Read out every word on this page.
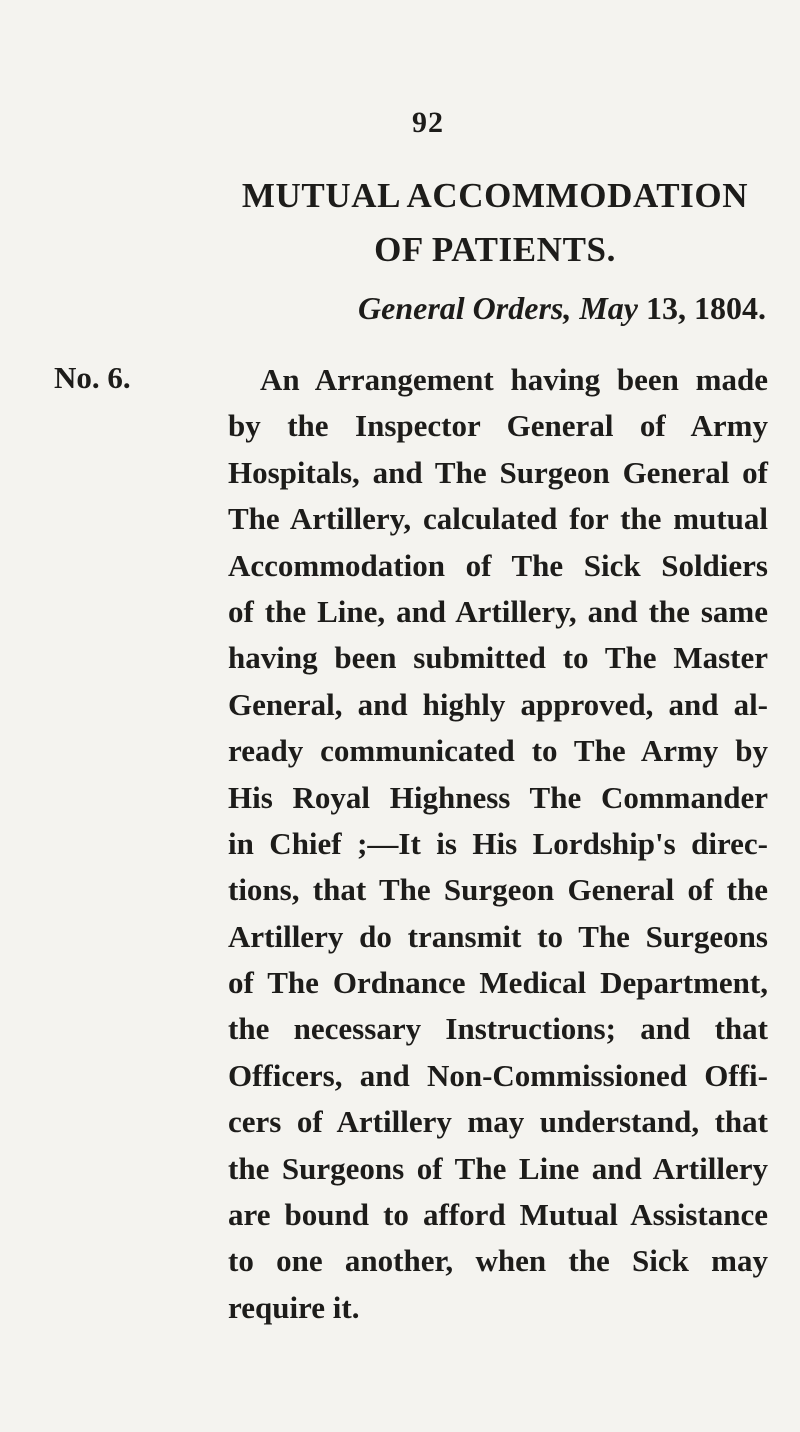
92
MUTUAL ACCOMMODATION
OF PATIENTS.
General Orders, May 13, 1804.
No. 6.	An Arrangement having been made
by the Inspector General of Army
Hospitals, and The Surgeon General of
The Artillery, calculated for the mutual
Accommodation of The Sick Soldiers
of the Line, and Artillery, and the same
having been submitted to The Master
General, and highly approved, and al-
ready communicated to The Army by
His Royal Highness The Commander
in Chief ;—It is His Lordship's direc-
tions, that The Surgeon General of the
Artillery do transmit to The Surgeons
of The Ordnance Medical Department,
the necessary Instructions; and that
Officers, and Non-Commissioned Offi-
cers of Artillery may understand, that
the Surgeons of The Line and Artillery
are bound to afford Mutual Assistance
to one another, when the Sick may
require it.
